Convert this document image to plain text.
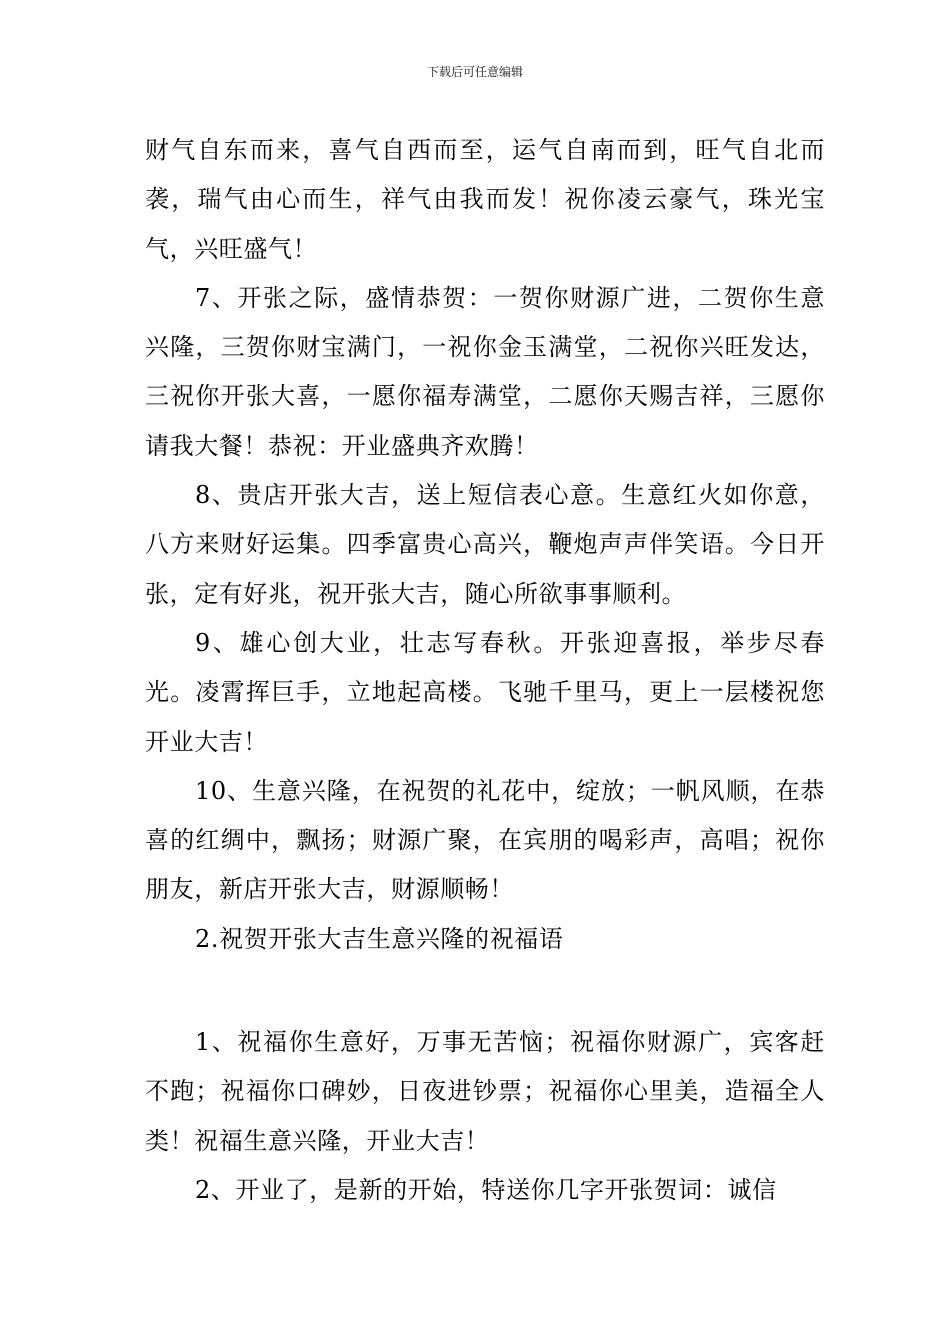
下载后可任意编辑

财气自东而来，喜气自西而至，运气自南而到，旺气自北而袭，瑞气由心而生，祥气由我而发！祝你凌云豪气，珠光宝气，兴旺盛气！

7、开张之际，盛情恭贺：一贺你财源广进，二贺你生意兴隆，三贺你财宝满门，一祝你金玉满堂，二祝你兴旺发达，三祝你开张大喜，一愿你福寿满堂，二愿你天赐吉祥，三愿你请我大餐！恭祝：开业盛典齐欢腾！

8、贵店开张大吉，送上短信表心意。生意红火如你意，八方来财好运集。四季富贵心高兴，鞭炮声声伴笑语。今日开张，定有好兆，祝开张大吉，随心所欲事事顺利。

9、雄心创大业，壮志写春秋。开张迎喜报，举步尽春光。凌霄挥巨手，立地起高楼。飞驰千里马，更上一层楼祝您开业大吉！

10、生意兴隆，在祝贺的礼花中，绽放；一帆风顺，在恭喜的红绸中，飘扬；财源广聚，在宾朋的喝彩声，高唱；祝你朋友，新店开张大吉，财源顺畅！

2.祝贺开张大吉生意兴隆的祝福语

1、祝福你生意好，万事无苦恼；祝福你财源广，宾客赶不跑；祝福你口碑妙，日夜进钞票；祝福你心里美，造福全人类！祝福生意兴隆，开业大吉！

2、开业了，是新的开始，特送你几字开张贺词：诚信
